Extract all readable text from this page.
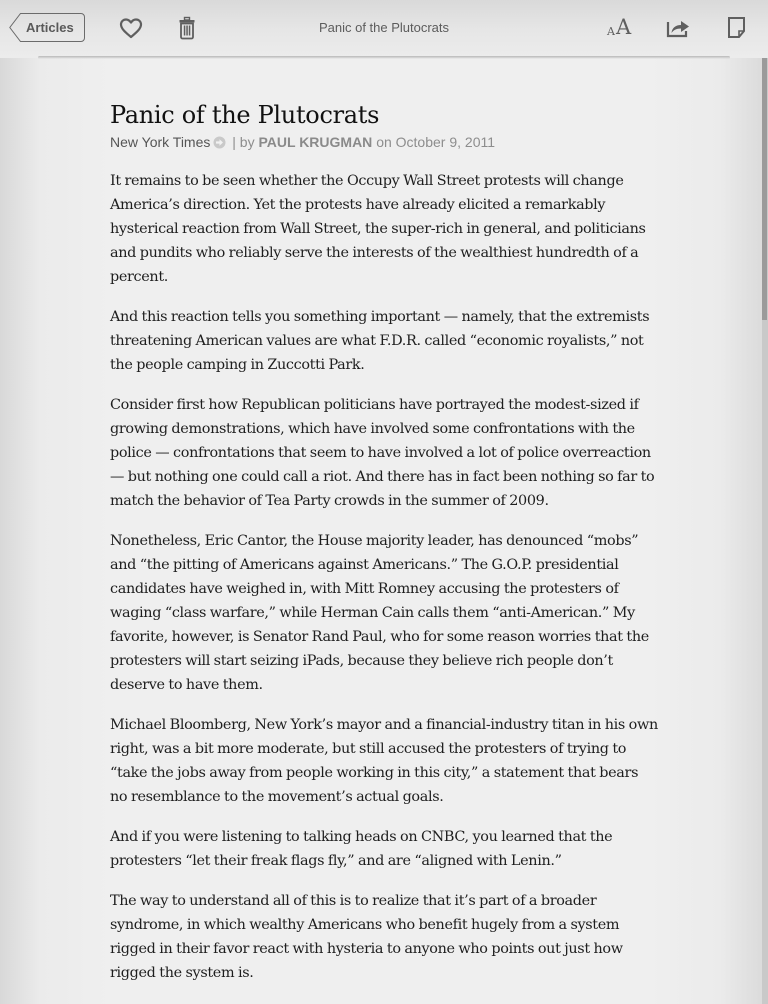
Articles	Panic of the Plutocrats	A A
Panic of the Plutocrats
New York Times | by PAUL KRUGMAN on October 9, 2011

It remains to be seen whether the Occupy Wall Street protests will change America’s direction. Yet the protests have already elicited a remarkably hysterical reaction from Wall Street, the super-rich in general, and politicians and pundits who reliably serve the interests of the wealthiest hundredth of a percent.

And this reaction tells you something important — namely, that the extremists threatening American values are what F.D.R. called “economic royalists,” not the people camping in Zuccotti Park.

Consider first how Republican politicians have portrayed the modest-sized if growing demonstrations, which have involved some confrontations with the police — confrontations that seem to have involved a lot of police overreaction — but nothing one could call a riot. And there has in fact been nothing so far to match the behavior of Tea Party crowds in the summer of 2009.

Nonetheless, Eric Cantor, the House majority leader, has denounced “mobs” and “the pitting of Americans against Americans.” The G.O.P. presidential candidates have weighed in, with Mitt Romney accusing the protesters of waging “class warfare,” while Herman Cain calls them “anti-American.” My favorite, however, is Senator Rand Paul, who for some reason worries that the protesters will start seizing iPads, because they believe rich people don’t deserve to have them.

Michael Bloomberg, New York’s mayor and a financial-industry titan in his own right, was a bit more moderate, but still accused the protesters of trying to “take the jobs away from people working in this city,” a statement that bears no resemblance to the movement’s actual goals.

And if you were listening to talking heads on CNBC, you learned that the protesters “let their freak flags fly,” and are “aligned with Lenin.”

The way to understand all of this is to realize that it’s part of a broader syndrome, in which wealthy Americans who benefit hugely from a system rigged in their favor react with hysteria to anyone who points out just how rigged the system is.
